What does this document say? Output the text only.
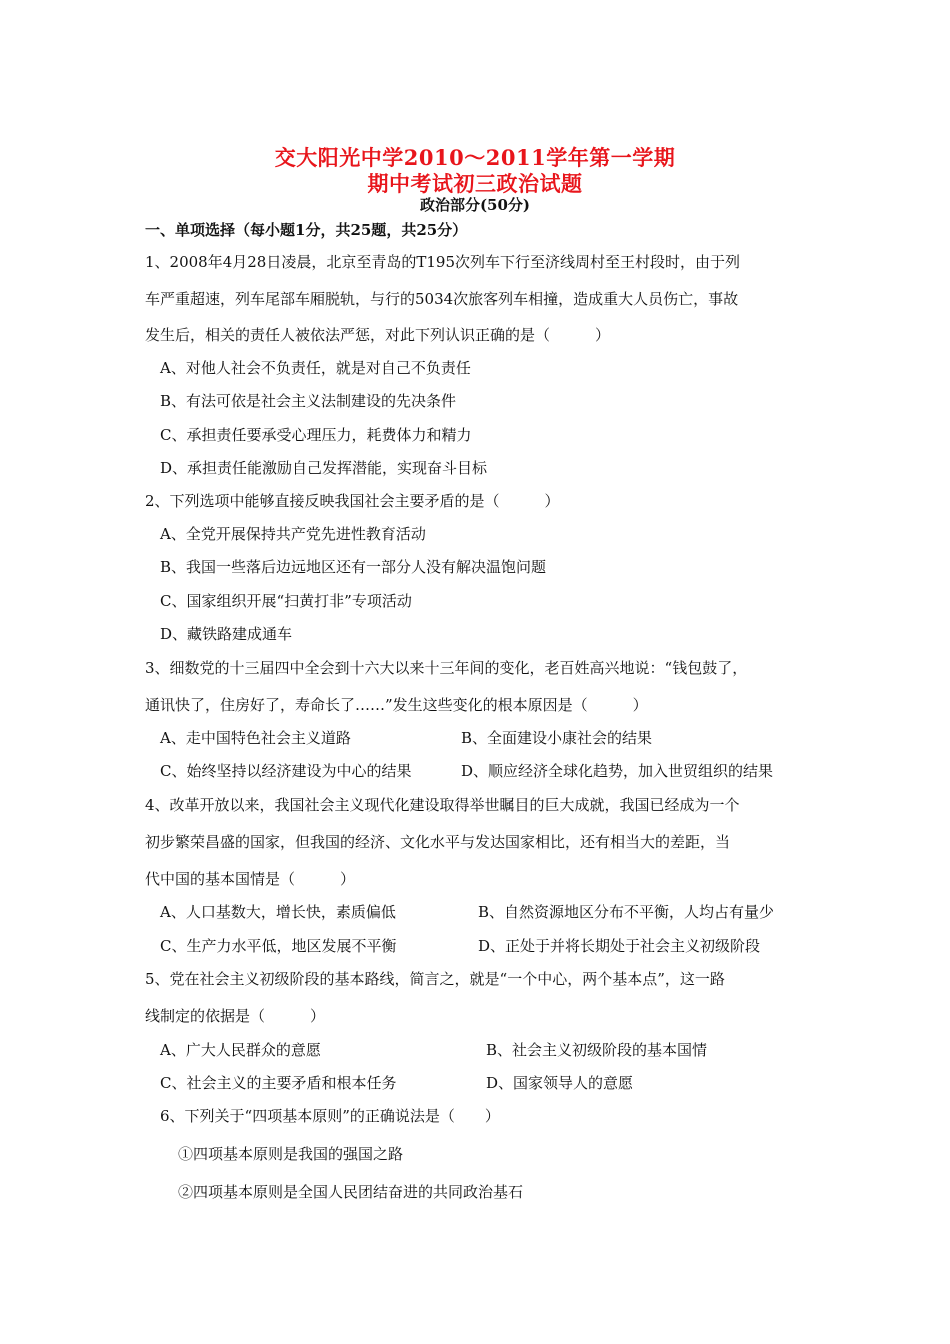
交大阳光中学2010～2011学年第一学期
期中考试初三政治试题
政治部分(50分)
一、单项选择（每小题1分，共25题，共25分）
1、2008年4月28日凌晨，北京至青岛的T195次列车下行至济线周村至王村段时，由于列
车严重超速，列车尾部车厢脱轨，与行的5034次旅客列车相撞，造成重大人员伤亡，事故
发生后，相关的责任人被依法严惩，对此下列认识正确的是（　　　）
A、对他人社会不负责任，就是对自己不负责任
B、有法可依是社会主义法制建设的先决条件
C、承担责任要承受心理压力，耗费体力和精力
D、承担责任能激励自己发挥潜能，实现奋斗目标
2、下列选项中能够直接反映我国社会主要矛盾的是（　　　）
A、全党开展保持共产党先进性教育活动
B、我国一些落后边远地区还有一部分人没有解决温饱问题
C、国家组织开展“扫黄打非”专项活动
D、藏铁路建成通车
3、细数党的十三届四中全会到十六大以来十三年间的变化，老百姓高兴地说：“钱包鼓了，
通讯快了，住房好了，寿命长了……”发生这些变化的根本原因是（　　　）
A、走中国特色社会主义道路	B、全面建设小康社会的结果
C、始终坚持以经济建设为中心的结果	D、顺应经济全球化趋势，加入世贸组织的结果
4、改革开放以来，我国社会主义现代化建设取得举世瞩目的巨大成就，我国已经成为一个
初步繁荣昌盛的国家，但我国的经济、文化水平与发达国家相比，还有相当大的差距，当
代中国的基本国情是（　　　）
A、人口基数大，增长快，素质偏低	B、自然资源地区分布不平衡，人均占有量少
C、生产力水平低，地区发展不平衡	D、正处于并将长期处于社会主义初级阶段
5、党在社会主义初级阶段的基本路线，简言之，就是“一个中心，两个基本点”，这一路
线制定的依据是（　　　）
A、广大人民群众的意愿	B、社会主义初级阶段的基本国情
C、社会主义的主要矛盾和根本任务	D、国家领导人的意愿
6、下列关于“四项基本原则”的正确说法是（　　）
①四项基本原则是我国的强国之路
②四项基本原则是全国人民团结奋进的共同政治基石
